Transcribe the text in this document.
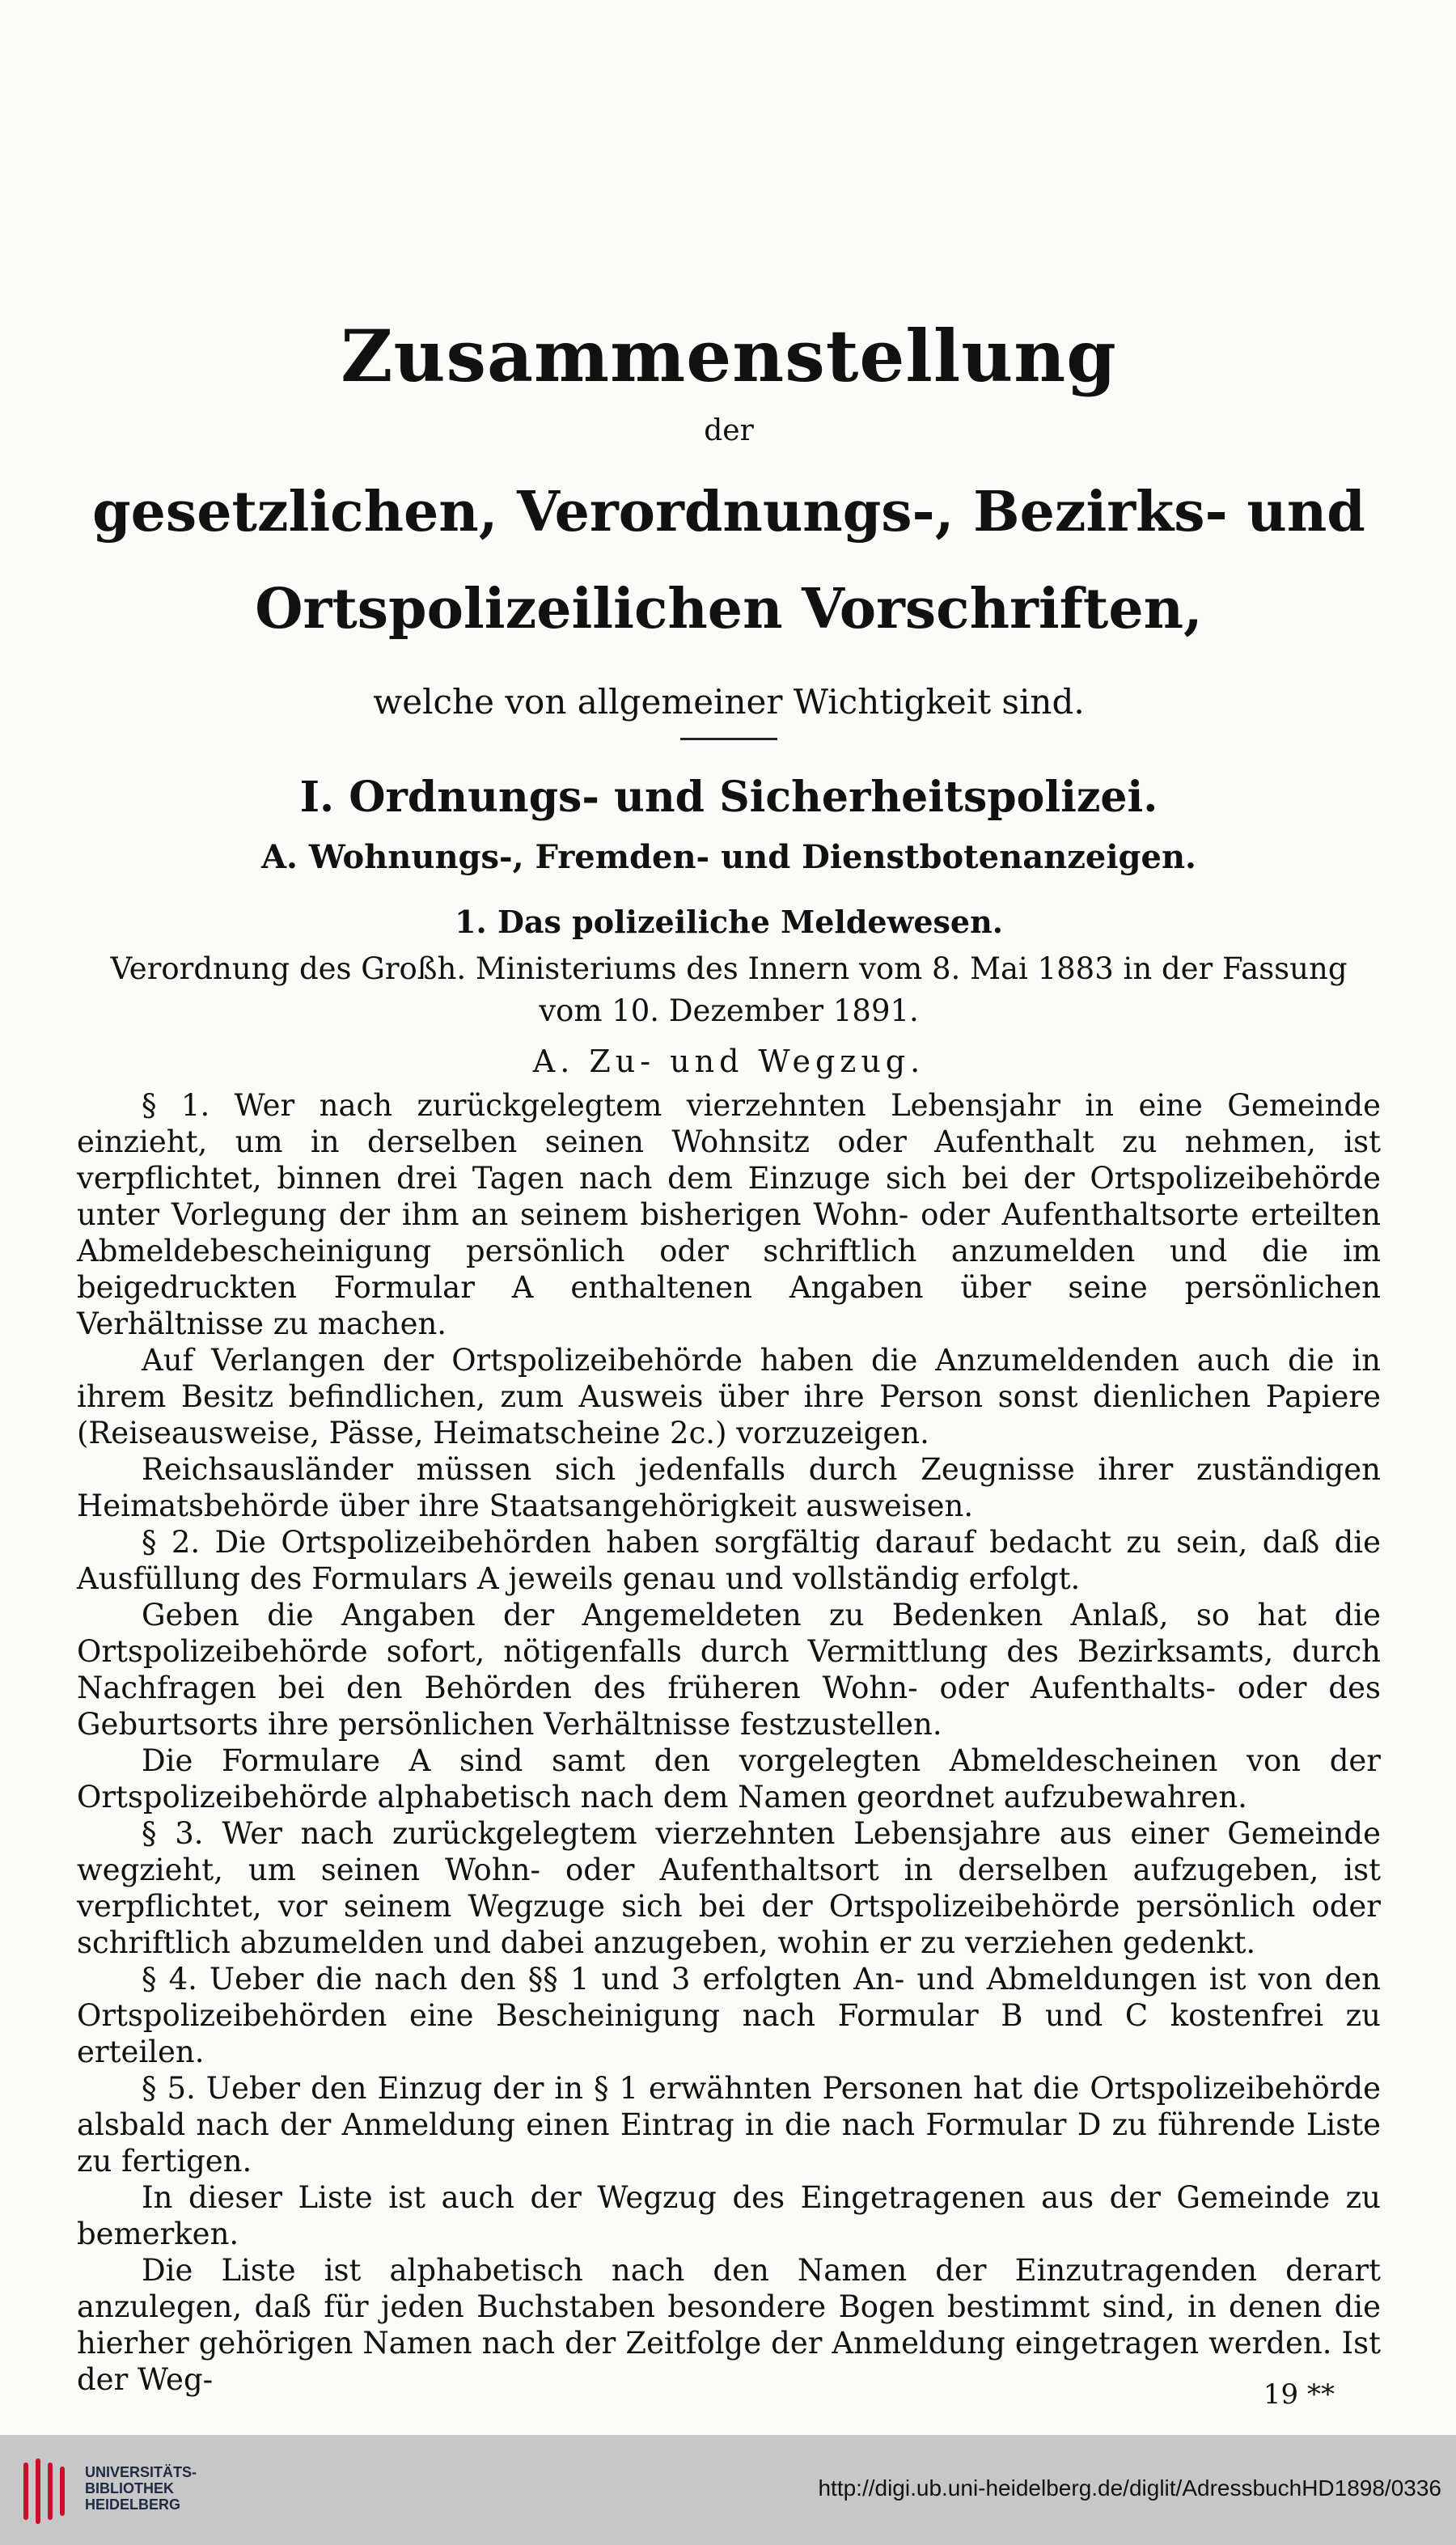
Zusammenstellung
der
gesetzlichen, Verordnungs-, Bezirks- und
Ortspolizeilichen Vorschriften,
welche von allgemeiner Wichtigkeit sind.
I. Ordnungs- und Sicherheitspolizei.
A. Wohnungs-, Fremden- und Dienstbotenanzeigen.
1. Das polizeiliche Meldewesen.
Verordnung des Großh. Ministeriums des Innern vom 8. Mai 1883 in der Fassung vom 10. Dezember 1891.
A. Zu- und Wegzug.

§ 1. Wer nach zurückgelegtem vierzehnten Lebensjahr in eine Gemeinde einzieht, um in derselben seinen Wohnsitz oder Aufenthalt zu nehmen, ist verpflichtet, binnen drei Tagen nach dem Einzuge sich bei der Ortspolizeibehörde unter Vorlegung der ihm an seinem bisherigen Wohn- oder Aufenthaltsorte erteilten Abmeldebescheinigung persönlich oder schriftlich anzumelden und die im beigedruckten Formular A enthaltenen Angaben über seine persönlichen Verhältnisse zu machen.

Auf Verlangen der Ortspolizeibehörde haben die Anzumeldenden auch die in ihrem Besitz befindlichen, zum Ausweis über ihre Person sonst dienlichen Papiere (Reiseausweise, Pässe, Heimatscheine 2c.) vorzuzeigen.

Reichsausländer müssen sich jedenfalls durch Zeugnisse ihrer zuständigen Heimatsbehörde über ihre Staatsangehörigkeit ausweisen.

§ 2. Die Ortspolizeibehörden haben sorgfältig darauf bedacht zu sein, daß die Ausfüllung des Formulars A jeweils genau und vollständig erfolgt.

Geben die Angaben der Angemeldeten zu Bedenken Anlaß, so hat die Ortspolizeibehörde sofort, nötigenfalls durch Vermittlung des Bezirksamts, durch Nachfragen bei den Behörden des früheren Wohn- oder Aufenthalts- oder des Geburtsorts ihre persönlichen Verhältnisse festzustellen.

Die Formulare A sind samt den vorgelegten Abmeldescheinen von der Ortspolizeibehörde alphabetisch nach dem Namen geordnet aufzubewahren.

§ 3. Wer nach zurückgelegtem vierzehnten Lebensjahre aus einer Gemeinde wegzieht, um seinen Wohn- oder Aufenthaltsort in derselben aufzugeben, ist verpflichtet, vor seinem Wegzuge sich bei der Ortspolizeibehörde persönlich oder schriftlich abzumelden und dabei anzugeben, wohin er zu verziehen gedenkt.

§ 4. Ueber die nach den §§ 1 und 3 erfolgten An- und Abmeldungen ist von den Ortspolizeibehörden eine Bescheinigung nach Formular B und C kostenfrei zu erteilen.

§ 5. Ueber den Einzug der in § 1 erwähnten Personen hat die Ortspolizeibehörde alsbald nach der Anmeldung einen Eintrag in die nach Formular D zu führende Liste zu fertigen.

In dieser Liste ist auch der Wegzug des Eingetragenen aus der Gemeinde zu bemerken.

Die Liste ist alphabetisch nach den Namen der Einzutragenden derart anzulegen, daß für jeden Buchstaben besondere Bogen bestimmt sind, in denen die hierher gehörigen Namen nach der Zeitfolge der Anmeldung eingetragen werden. Ist der Weg-	19 **
UNIVERSITÄTS-
BIBLIOTHEK
HEIDELBERG
http://digi.ub.uni-heidelberg.de/diglit/AdressbuchHD1898/0336
